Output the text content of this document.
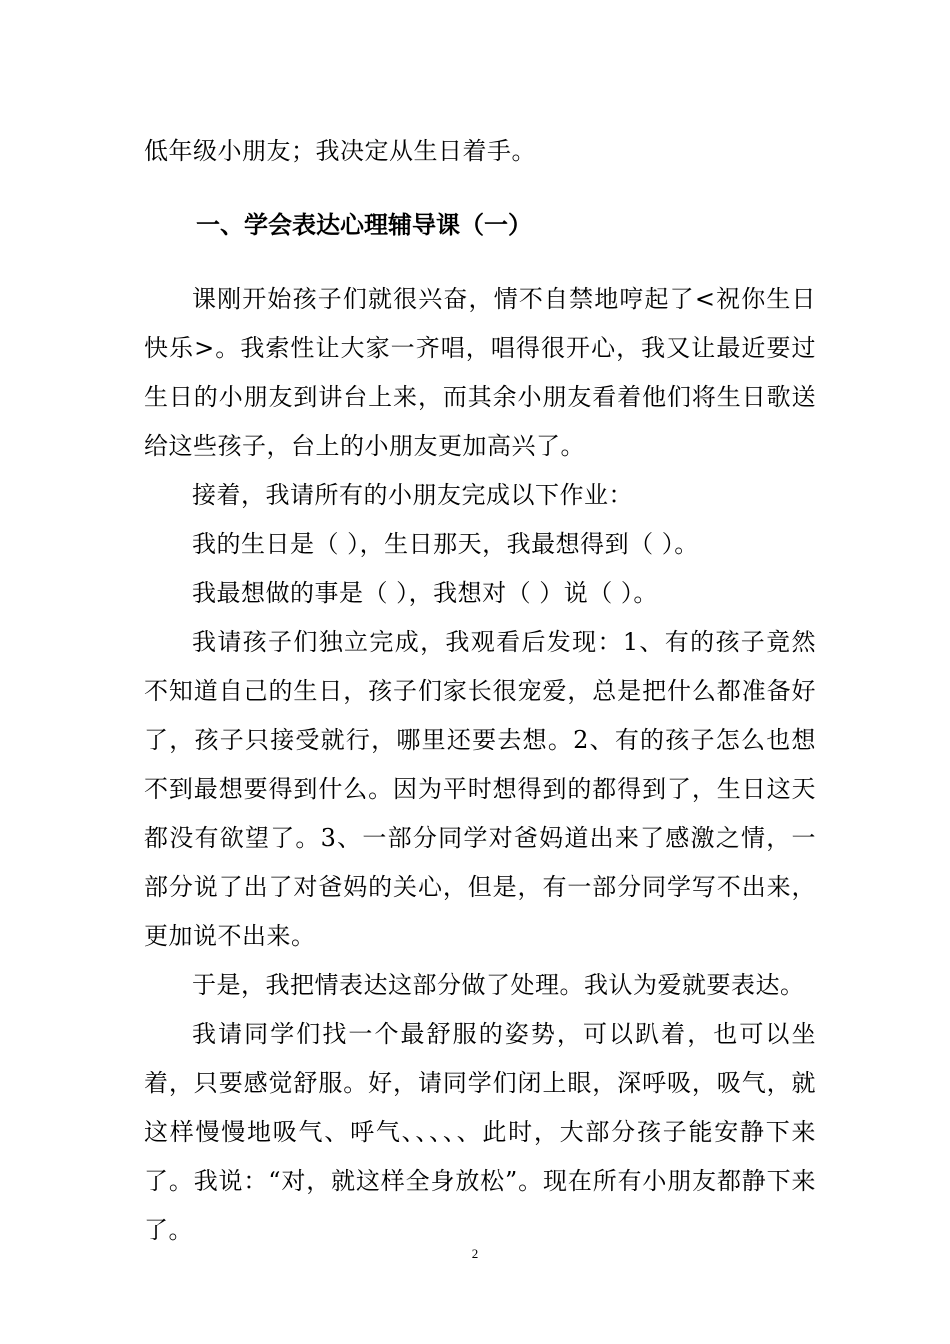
低年级小朋友；我决定从生日着手。

一、学会表达心理辅导课（一）

课刚开始孩子们就很兴奋，情不自禁地哼起了<祝你生日快乐>。我索性让大家一齐唱，唱得很开心，我又让最近要过生日的小朋友到讲台上来，而其余小朋友看着他们将生日歌送给这些孩子，台上的小朋友更加高兴了。

接着，我请所有的小朋友完成以下作业：

我的生日是（ ），生日那天，我最想得到（ ）。

我最想做的事是（ ），我想对（ ）说（ ）。

我请孩子们独立完成，我观看后发现：1、有的孩子竟然不知道自己的生日，孩子们家长很宠爱，总是把什么都准备好了，孩子只接受就行，哪里还要去想。2、有的孩子怎么也想不到最想要得到什么。因为平时想得到的都得到了，生日这天都没有欲望了。3、一部分同学对爸妈道出来了感激之情，一部分说了出了对爸妈的关心，但是，有一部分同学写不出来，更加说不出来。

于是，我把情表达这部分做了处理。我认为爱就要表达。

我请同学们找一个最舒服的姿势，可以趴着，也可以坐着，只要感觉舒服。好，请同学们闭上眼，深呼吸，吸气，就这样慢慢地吸气、呼气、、、、、此时，大部分孩子能安静下来了。我说：“对，就这样全身放松”。现在所有小朋友都静下来了。

2
